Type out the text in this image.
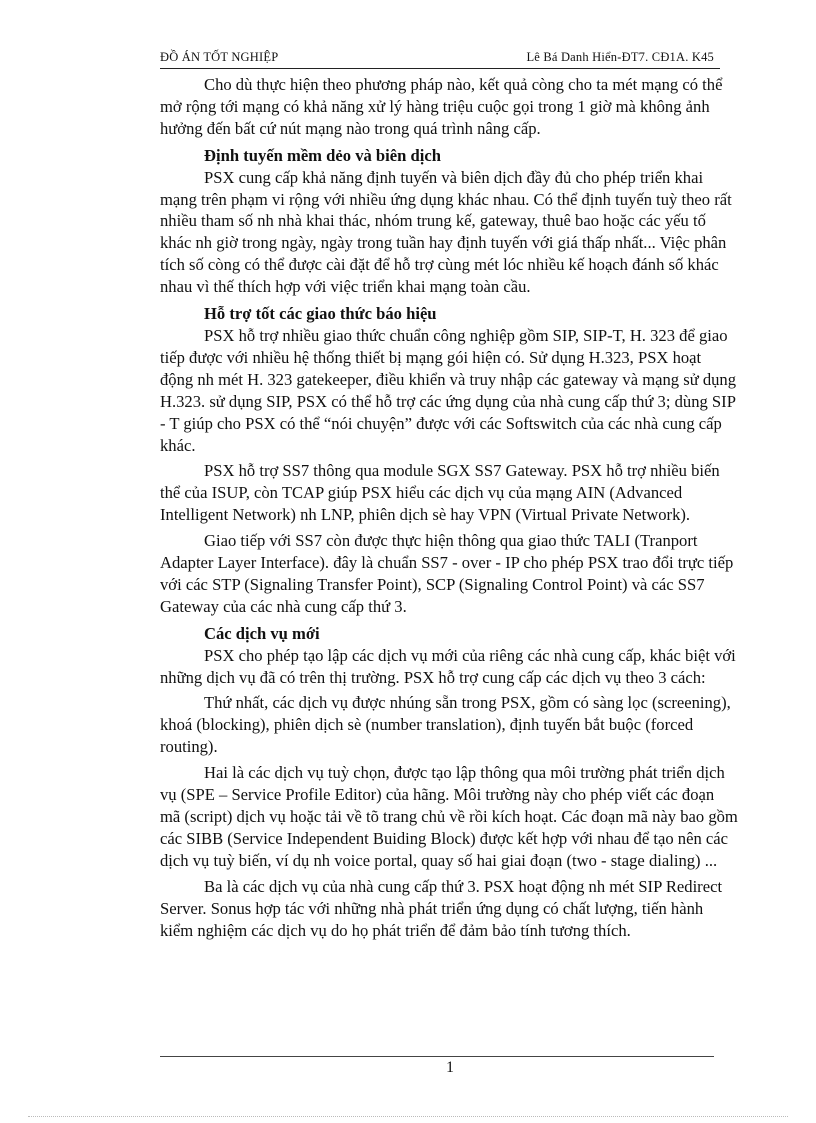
ĐỒ ÁN TỐT NGHIỆP	Lê Bá Danh Hiển-ĐT7. CĐ1A. K45

Cho dù thực hiện theo phương pháp nào, kết quả còng cho ta mét mạng có thể mở rộng tới mạng có khả năng xử lý hàng triệu cuộc gọi trong 1 giờ mà không ảnh hưởng đến bất cứ nút mạng nào trong quá trình nâng cấp.

Định tuyến mềm dẻo và biên dịch

PSX cung cấp khả năng định tuyến và biên dịch đầy đủ cho phép triển khai mạng trên phạm vi rộng với nhiều ứng dụng khác nhau. Có thể định tuyến tuỳ theo rất nhiều tham số nh nhà khai thác, nhóm trung kế, gateway, thuê bao hoặc các yếu tố khác nh giờ trong ngày, ngày trong tuần hay định tuyến với giá thấp nhất... Việc phân tích số còng có thể được cài đặt để hỗ trợ cùng mét lóc nhiều kế hoạch đánh số khác nhau vì thế thích hợp với việc triển khai mạng toàn cầu.

Hỗ trợ tốt các giao thức báo hiệu

PSX hỗ trợ nhiều giao thức chuẩn công nghiệp gồm SIP, SIP-T, H. 323 để giao tiếp được với nhiều hệ thống thiết bị mạng gói hiện có. Sử dụng H.323, PSX hoạt động nh mét H. 323 gatekeeper, điều khiển và truy nhập các gateway và mạng sử dụng H.323. sử dụng SIP, PSX có thể hỗ trợ các ứng dụng của nhà cung cấp thứ 3; dùng SIP - T giúp cho PSX có thể “nói chuyện” được với các Softswitch của các nhà cung cấp khác.

PSX hỗ trợ SS7 thông qua module SGX SS7 Gateway. PSX hỗ trợ nhiều biến thể của ISUP, còn TCAP giúp PSX hiểu các dịch vụ của mạng AIN (Advanced Intelligent Network) nh LNP, phiên dịch sè hay VPN (Virtual Private Network).

Giao tiếp với SS7 còn được thực hiện thông qua giao thức TALI (Tranport Adapter Layer Interface). đây là chuẩn SS7 - over - IP cho phép PSX trao đổi trực tiếp với các STP (Signaling Transfer Point), SCP (Signaling Control Point) và các SS7 Gateway của các nhà cung cấp thứ 3.

Các dịch vụ mới

PSX cho phép tạo lập các dịch vụ mới của riêng các nhà cung cấp, khác biệt với những dịch vụ đã có trên thị trường. PSX hỗ trợ cung cấp các dịch vụ theo 3 cách:

Thứ nhất, các dịch vụ được nhúng sẵn trong PSX, gồm có sàng lọc (screening), khoá (blocking), phiên dịch sè (number translation), định tuyến bắt buộc (forced routing).

Hai là các dịch vụ tuỳ chọn, được tạo lập thông qua môi trường phát triển dịch vụ (SPE – Service Profile Editor) của hãng. Môi trường này cho phép viết các đoạn mã (script) dịch vụ hoặc tải về tõ trang chủ về rồi kích hoạt. Các đoạn mã này bao gồm các SIBB (Service Independent Buiding Block) được kết hợp với nhau để tạo nên các dịch vụ tuỳ biến, ví dụ nh voice portal, quay số hai giai đoạn (two - stage dialing) ...

Ba là các dịch vụ của nhà cung cấp thứ 3. PSX hoạt động nh mét SIP Redirect Server. Sonus hợp tác với những nhà phát triển ứng dụng có chất lượng, tiến hành kiểm nghiệm các dịch vụ do họ phát triển để đảm bảo tính tương thích.

1
